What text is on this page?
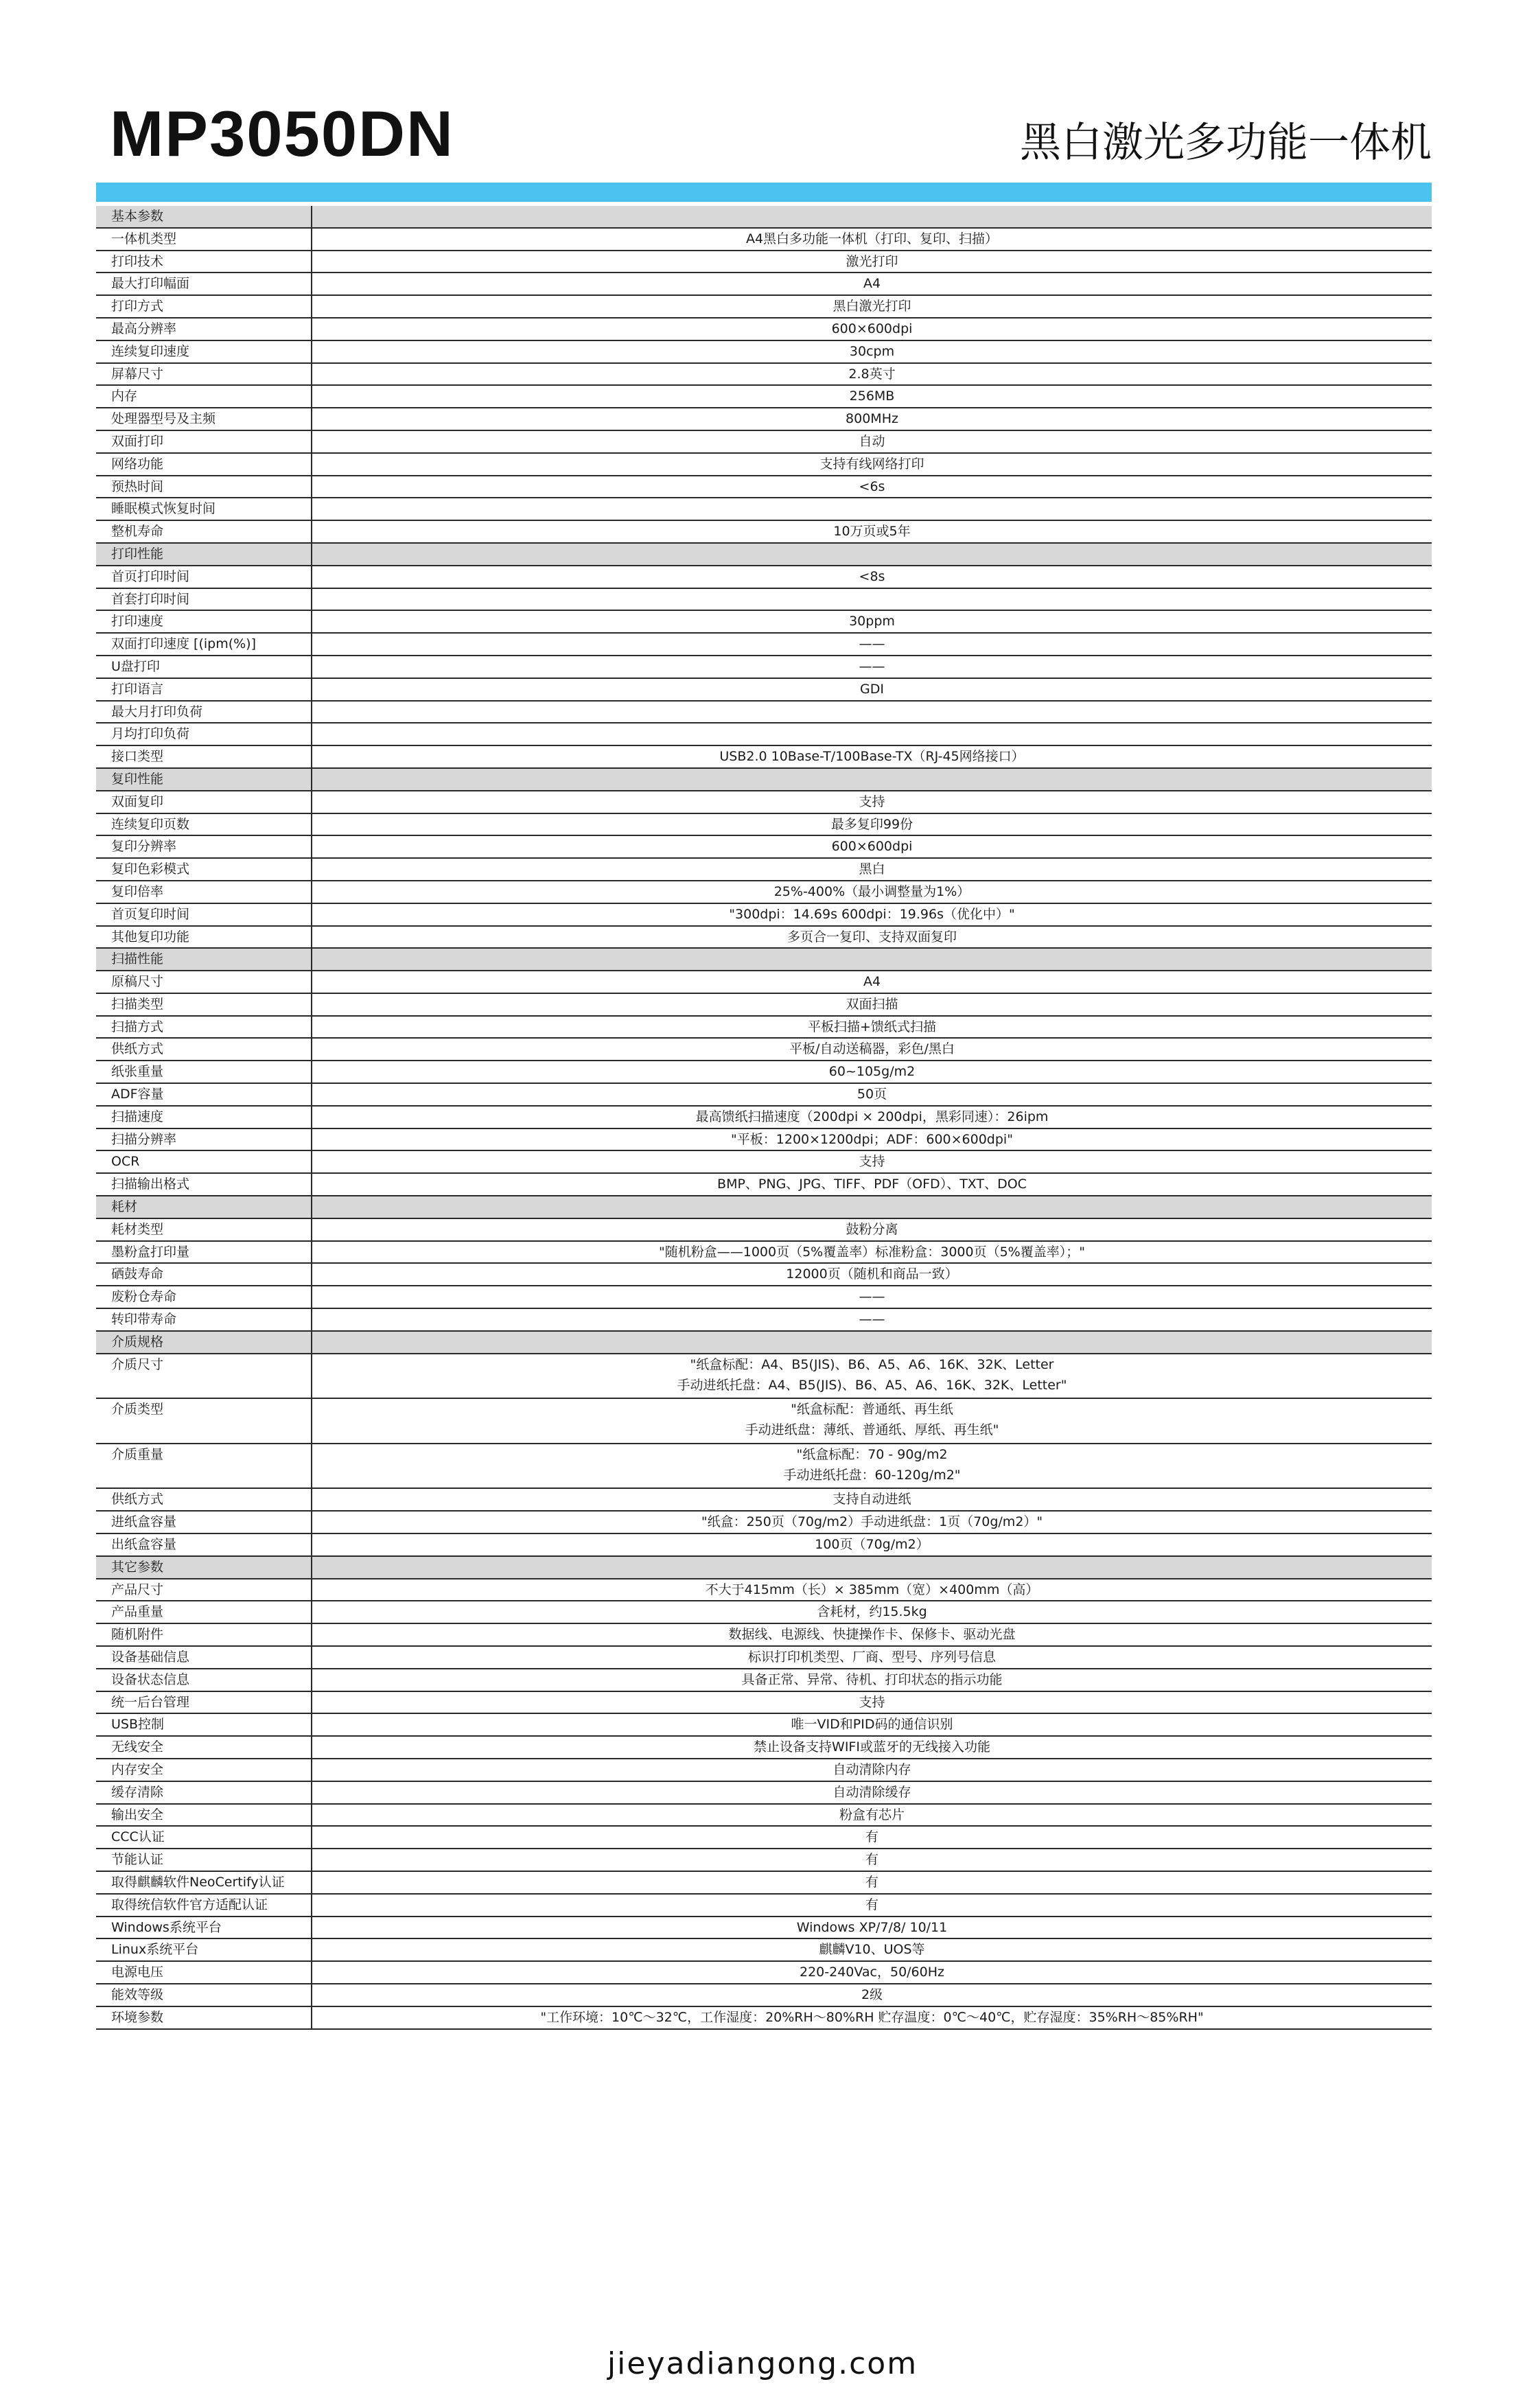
MP3050DN	黑白激光多功能一体机
基本参数
一体机类型	A4黑白多功能一体机（打印、复印、扫描）
打印技术	激光打印
最大打印幅面	A4
打印方式	黑白激光打印
最高分辨率	600×600dpi
连续复印速度	30cpm
屏幕尺寸	2.8英寸
内存	256MB
处理器型号及主频	800MHz
双面打印	自动
网络功能	支持有线网络打印
预热时间	<6s
睡眠模式恢复时间
整机寿命	10万页或5年
打印性能
首页打印时间	<8s
首套打印时间
打印速度	30ppm
双面打印速度 [(ipm(%)]	——
U盘打印	——
打印语言	GDI
最大月打印负荷
月均打印负荷
接口类型	USB2.0 10Base-T/100Base-TX（RJ-45网络接口）
复印性能
双面复印	支持
连续复印页数	最多复印99份
复印分辨率	600×600dpi
复印色彩模式	黑白
复印倍率	25%-400%（最小调整量为1%）
首页复印时间	"300dpi：14.69s 600dpi：19.96s（优化中）"
其他复印功能	多页合一复印、支持双面复印
扫描性能
原稿尺寸	A4
扫描类型	双面扫描
扫描方式	平板扫描+馈纸式扫描
供纸方式	平板/自动送稿器，彩色/黑白
纸张重量	60~105g/m2
ADF容量	50页
扫描速度	最高馈纸扫描速度（200dpi × 200dpi，黑彩同速）：26ipm
扫描分辨率	"平板：1200×1200dpi；ADF：600×600dpi"
OCR	支持
扫描输出格式	BMP、PNG、JPG、TIFF、PDF（OFD）、TXT、DOC
耗材
耗材类型	鼓粉分离
墨粉盒打印量	"随机粉盒——1000页（5%覆盖率）标准粉盒：3000页（5%覆盖率）；"
硒鼓寿命	12000页（随机和商品一致）
废粉仓寿命	——
转印带寿命	——
介质规格
介质尺寸	"纸盒标配：A4、B5(JIS)、B6、A5、A6、16K、32K、Letter
手动进纸托盘：A4、B5(JIS)、B6、A5、A6、16K、32K、Letter"
介质类型	"纸盒标配：普通纸、再生纸
手动进纸盘：薄纸、普通纸、厚纸、再生纸"
介质重量	"纸盒标配：70 - 90g/m2
手动进纸托盘：60-120g/m2"
供纸方式	支持自动进纸
进纸盒容量	"纸盒：250页（70g/m2）手动进纸盘：1页（70g/m2）"
出纸盒容量	100页（70g/m2）
其它参数
产品尺寸	不大于415mm（长）× 385mm（宽）×400mm（高）
产品重量	含耗材，约15.5kg
随机附件	数据线、电源线、快捷操作卡、保修卡、驱动光盘
设备基础信息	标识打印机类型、厂商、型号、序列号信息
设备状态信息	具备正常、异常、待机、打印状态的指示功能
统一后台管理	支持
USB控制	唯一VID和PID码的通信识别
无线安全	禁止设备支持WIFI或蓝牙的无线接入功能
内存安全	自动清除内存
缓存清除	自动清除缓存
输出安全	粉盒有芯片
CCC认证	有
节能认证	有
取得麒麟软件NeoCertify认证	有
取得统信软件官方适配认证	有
Windows系统平台	Windows XP/7/8/ 10/11
Linux系统平台	麒麟V10、UOS等
电源电压	220-240Vac，50/60Hz
能效等级	2级
环境参数	"工作环境：10℃～32℃，工作湿度：20%RH～80%RH 贮存温度：0℃～40℃，贮存湿度：35%RH～85%RH"
jieyadiangong.com
